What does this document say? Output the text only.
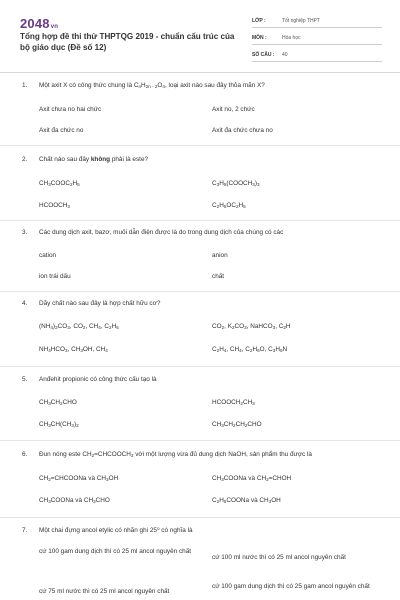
2048vn
Tổng hợp đề thi thử THPTQG 2019 - chuẩn cấu trúc của bộ giáo dục (Đề số 12)
LỚP :	Tốt nghiệp THPT
MÔN :	Hóa học
SỐ CÂU :	40
1. Một axit X có công thức chung là $C_nH_{2n - 2}O_4$, loại axit nào sau đây thỏa mãn X?
Axit chưa no hai chức	Axit no, 2 chức
Axit đa chức no	Axit đa chức chưa no
2. Chất nào sau đây không phải là este?
$CH_3COOC_2H_5$	$C_3H_5(COOCH_3)_3$
$HCOOCH_3$	$C_2H_5OC_2H_5$
3. Các dung dịch axit, bazơ, muối dẫn điện được là do trong dung dịch của chúng có các
cation	anion
ion trái dấu	chất
4. Dãy chất nào sau đây là hợp chất hữu cơ?
$(NH_4)_2CO_3$, $CO_2$, $CH_4$, $C_2H_6$	$CO_2$, $K_2CO_3$, NaHCO$_3$, $C_2H$
$NH_4HCO_3$, $CH_3OH$, $CH_4$	$C_2H_4$, $CH_4$, $C_2H_6O$, $C_3H_9N$
5. Anđehit propionic có công thức cấu tạo là
$CH_3CH_2CHO$	$HCOOCH_2CH_3$
$CH_3CH(CH_3)_2$	$CH_3CH_2CH_2CHO$
6. Đun nóng este $CH_2=CHCOOCH_3$ với một lượng vừa đủ dung dịch NaOH, sản phẩm thu được là
$CH_2=CHCOONa$ và $CH_3OH$	$CH_3COONa$ và $CH_2=CHOH$
$CH_3COONa$ và $CH_3CHO$	$C_2H_5COONa$ và $CH_3OH$
7. Một chai đựng ancol etylic có nhãn ghi 25$^o$ có nghĩa là
cứ 100 gam dung dịch thì có 25 ml ancol nguyên chất
cứ 100 ml nước thì có 25 ml ancol nguyên chất
cứ 75 ml nước thì có 25 ml ancol nguyên chất
cứ 100 gam dung dịch thì có 25 gam ancol nguyên chất
